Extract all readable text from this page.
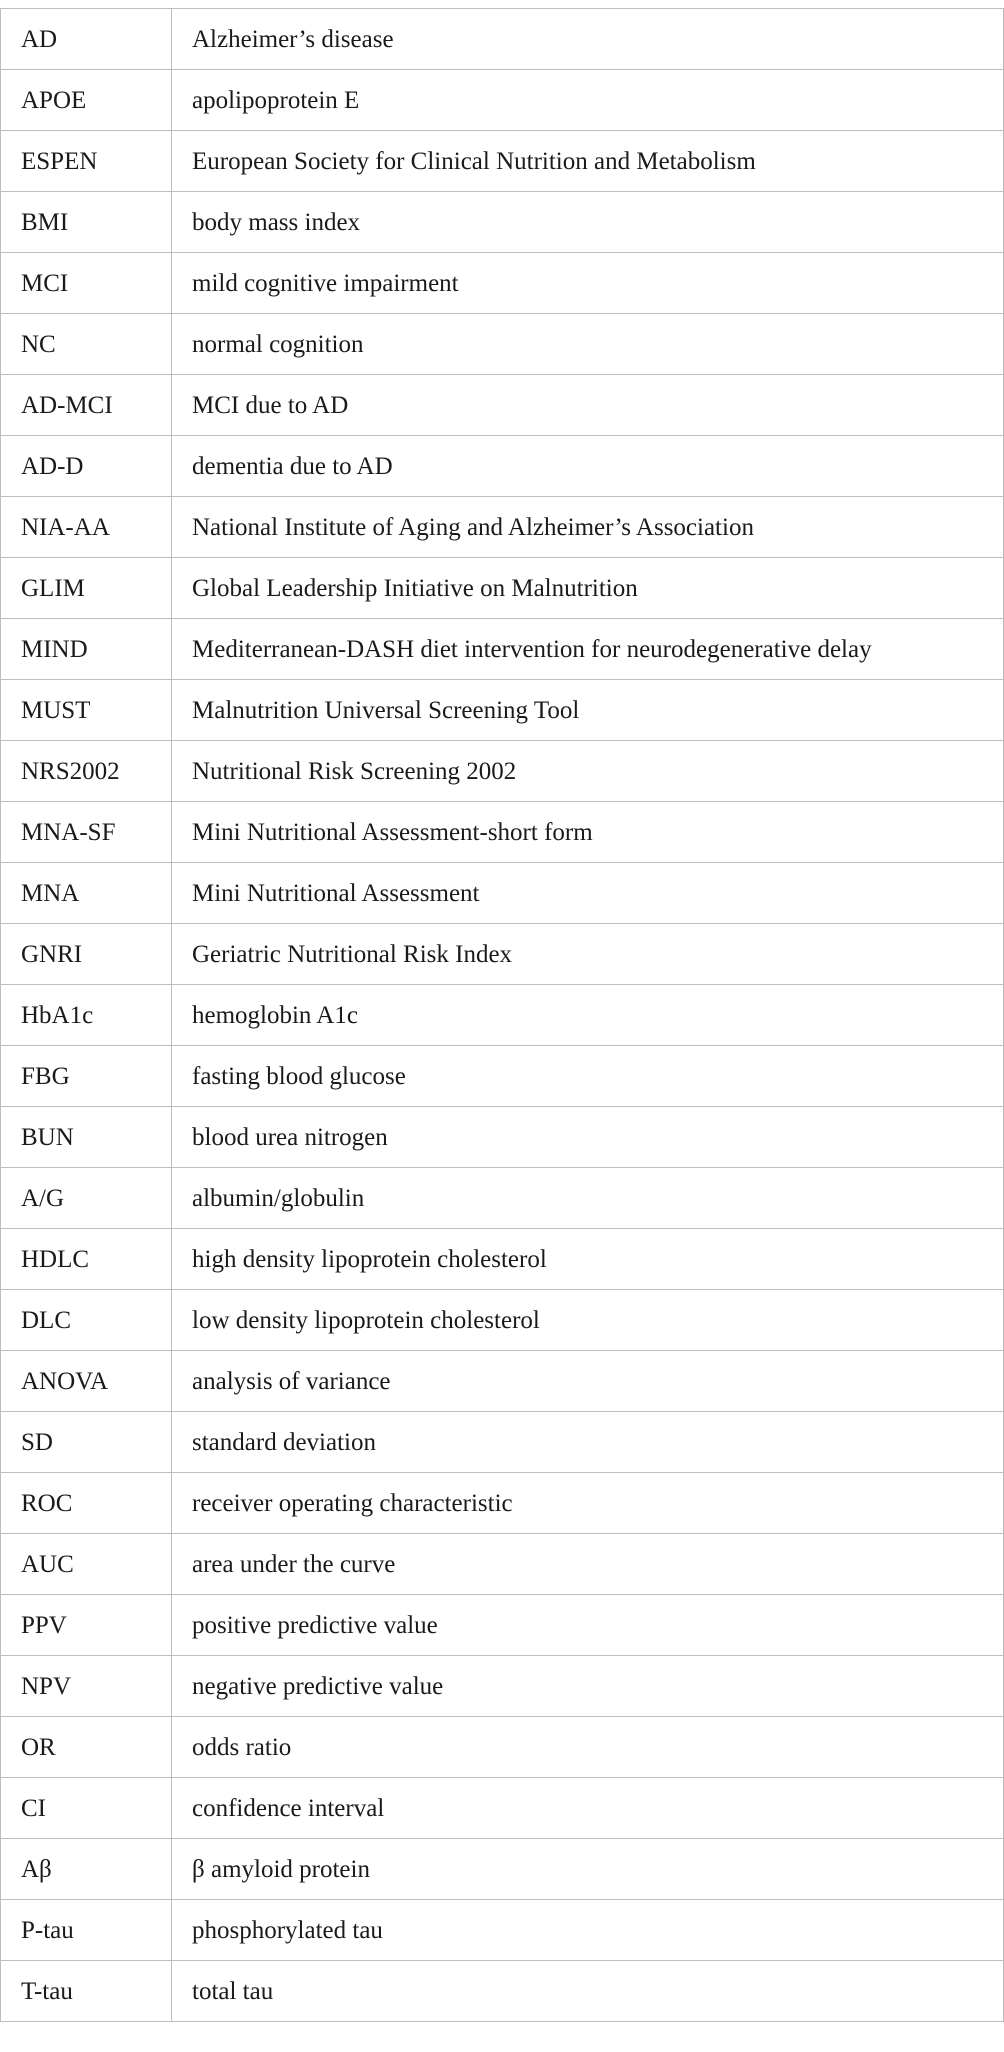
AD	Alzheimer’s disease
APOE	apolipoprotein E
ESPEN	European Society for Clinical Nutrition and Metabolism
BMI	body mass index
MCI	mild cognitive impairment
NC	normal cognition
AD-MCI	MCI due to AD
AD-D	dementia due to AD
NIA-AA	National Institute of Aging and Alzheimer’s Association
GLIM	Global Leadership Initiative on Malnutrition
MIND	Mediterranean-DASH diet intervention for neurodegenerative delay
MUST	Malnutrition Universal Screening Tool
NRS2002	Nutritional Risk Screening 2002
MNA-SF	Mini Nutritional Assessment-short form
MNA	Mini Nutritional Assessment
GNRI	Geriatric Nutritional Risk Index
HbA1c	hemoglobin A1c
FBG	fasting blood glucose
BUN	blood urea nitrogen
A/G	albumin/globulin
HDLC	high density lipoprotein cholesterol
DLC	low density lipoprotein cholesterol
ANOVA	analysis of variance
SD	standard deviation
ROC	receiver operating characteristic
AUC	area under the curve
PPV	positive predictive value
NPV	negative predictive value
OR	odds ratio
CI	confidence interval
Aβ	β amyloid protein
P-tau	phosphorylated tau
T-tau	total tau
